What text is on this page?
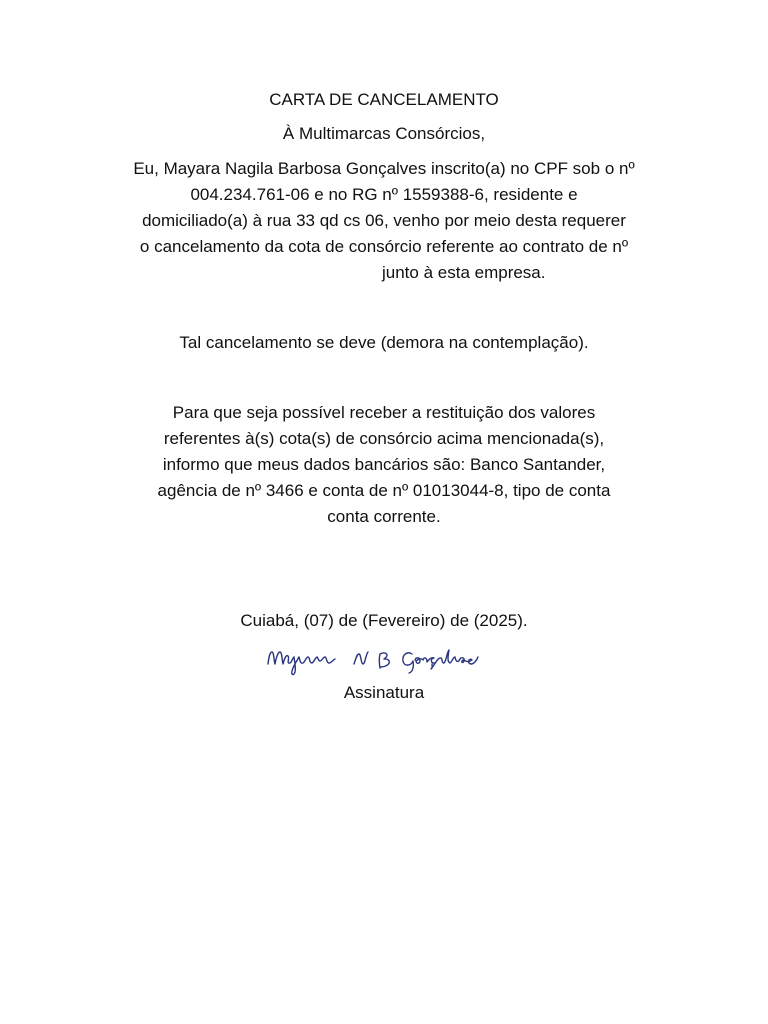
CARTA DE CANCELAMENTO

À Multimarcas Consórcios,

Eu, Mayara Nagila Barbosa Gonçalves inscrito(a) no CPF sob o nº

004.234.761-06 e no RG nº 1559388-6, residente e

domiciliado(a) à rua 33 qd cs 06, venho por meio desta requerer

o cancelamento da cota de consórcio referente ao contrato de nº

junto à esta empresa.

Tal cancelamento se deve (demora na contemplação).

Para que seja possível receber a restituição dos valores

referentes à(s) cota(s) de consórcio acima mencionada(s),

informo que meus dados bancários são: Banco Santander,

agência de nº 3466 e conta de nº 01013044-8, tipo de conta

conta corrente.

Cuiabá, (07) de (Fevereiro) de (2025).

Assinatura
